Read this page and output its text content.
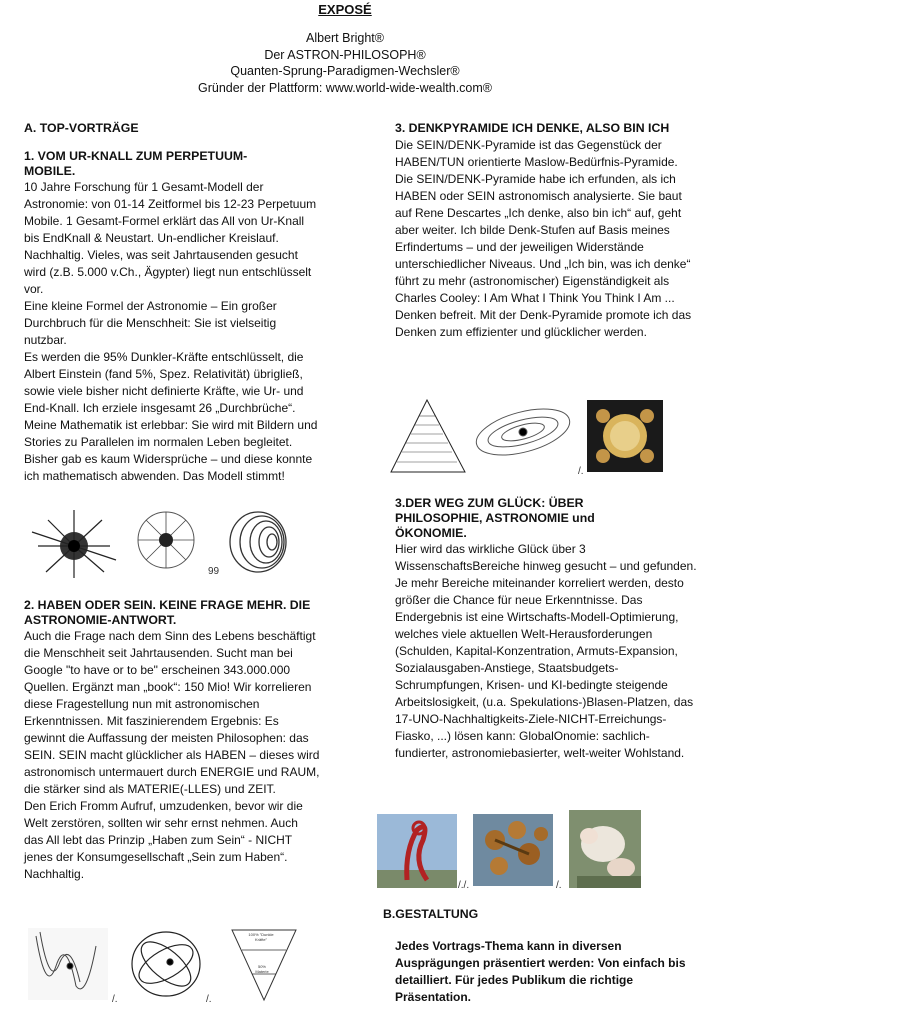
EXPOSÉ
Albert Bright®
Der ASTRON-PHILOSOPH®
Quanten-Sprung-Paradigmen-Wechsler®
Gründer der Plattform: www.world-wide-wealth.com®

A. TOP-VORTRÄGE

1. VOM UR-KNALL ZUM PERPETUUM-MOBILE.

10 Jahre Forschung für 1 Gesamt-Modell der Astronomie: von 01-14 Zeitformel bis 12-23 Perpetuum Mobile. 1 Gesamt-Formel erklärt das All von Ur-Knall bis EndKnall & Neustart. Un-endlicher Kreislauf. Nachhaltig. Vieles, was seit Jahrtausenden gesucht wird (z.B. 5.000 v.Ch., Ägypter) liegt nun entschlüsselt vor.

Eine kleine Formel der Astronomie – Ein großer Durchbruch für die Menschheit: Sie ist vielseitig nutzbar.

Es werden die 95% Dunkler-Kräfte entschlüsselt, die Albert Einstein (fand 5%, Spez. Relativität) übrigließ, sowie viele bisher nicht definierte Kräfte, wie Ur- und End-Knall. Ich erziele insgesamt 26 „Durchbrüche“. Meine Mathematik ist erlebbar: Sie wird mit Bildern und Stories zu Parallelen im normalen Leben begleitet. Bisher gab es kaum Widersprüche – und diese konnte ich mathematisch abwenden. Das Modell stimmt!

99

2. HABEN ODER SEIN. KEINE FRAGE MEHR. DIE ASTRONOMIE-ANTWORT.

Auch die Frage nach dem Sinn des Lebens beschäftigt die Menschheit seit Jahrtausenden. Sucht man bei Google "to have or to be" erscheinen 343.000.000 Quellen. Ergänzt man „book“: 150 Mio! Wir korrelieren diese Fragestellung nun mit astronomischen Erkenntnissen. Mit faszinierendem Ergebnis: Es gewinnt die Auffassung der meisten Philosophen: das SEIN. SEIN macht glücklicher als HABEN – dieses wird astronomisch untermauert durch ENERGIE und RAUM, die stärker sind als MATERIE(-LLES) und ZEIT.

Den Erich Fromm Aufruf, umzudenken, bevor wir die Welt zerstören, sollten wir sehr ernst nehmen. Auch das All lebt das Prinzip „Haben zum Sein“ - NICHT jenes der Konsumgesellschaft „Sein zum Haben“. Nachhaltig.

100% "Dunkle Kräfte"
50% Materie
/.	/.

3. DENKPYRAMIDE ICH DENKE, ALSO BIN ICH

Die SEIN/DENK-Pyramide ist das Gegenstück der HABEN/TUN orientierte Maslow-Bedürfnis-Pyramide. Die SEIN/DENK-Pyramide habe ich erfunden, als ich HABEN oder SEIN astronomisch analysierte. Sie baut auf Rene Descartes „Ich denke, also bin ich“ auf, geht aber weiter. Ich bilde Denk-Stufen auf Basis meines Erfindertums – und der jeweiligen Widerstände unterschiedlicher Niveaus. Und „Ich bin, was ich denke“ führt zu mehr (astronomischer) Eigenständigkeit als Charles Cooley: I Am What I Think You Think I Am ... Denken befreit. Mit der Denk-Pyramide promote ich das Denken zum effizienter und glücklicher werden.

/.

3.DER WEG ZUM GLÜCK: ÜBER PHILOSOPHIE, ASTRONOMIE und ÖKONOMIE.

Hier wird das wirkliche Glück über 3 WissenschaftsBereiche hinweg gesucht – und gefunden. Je mehr Bereiche miteinander korreliert werden, desto größer die Chance für neue Erkenntnisse. Das Endergebnis ist eine Wirtschafts-Modell-Optimierung, welches viele aktuellen Welt-Herausforderungen (Schulden, Kapital-Konzentration, Armuts-Expansion, Sozialausgaben-Anstiege, Staatsbudgets-Schrumpfungen, Krisen- und KI-bedingte steigende Arbeitslosigkeit, (u.a. Spekulations-)Blasen-Platzen, das 17-UNO-Nachhaltigkeits-Ziele-NICHT-Erreichungs-Fiasko, ...) lösen kann: GlobalOnomie: sachlich-fundierter, astronomiebasierter, welt-weiter Wohlstand.

/./.	/.

B.GESTALTUNG

Jedes Vortrags-Thema kann in diversen Ausprägungen präsentiert werden: Von einfach bis detailliert. Für jedes Publikum die richtige Präsentation.
